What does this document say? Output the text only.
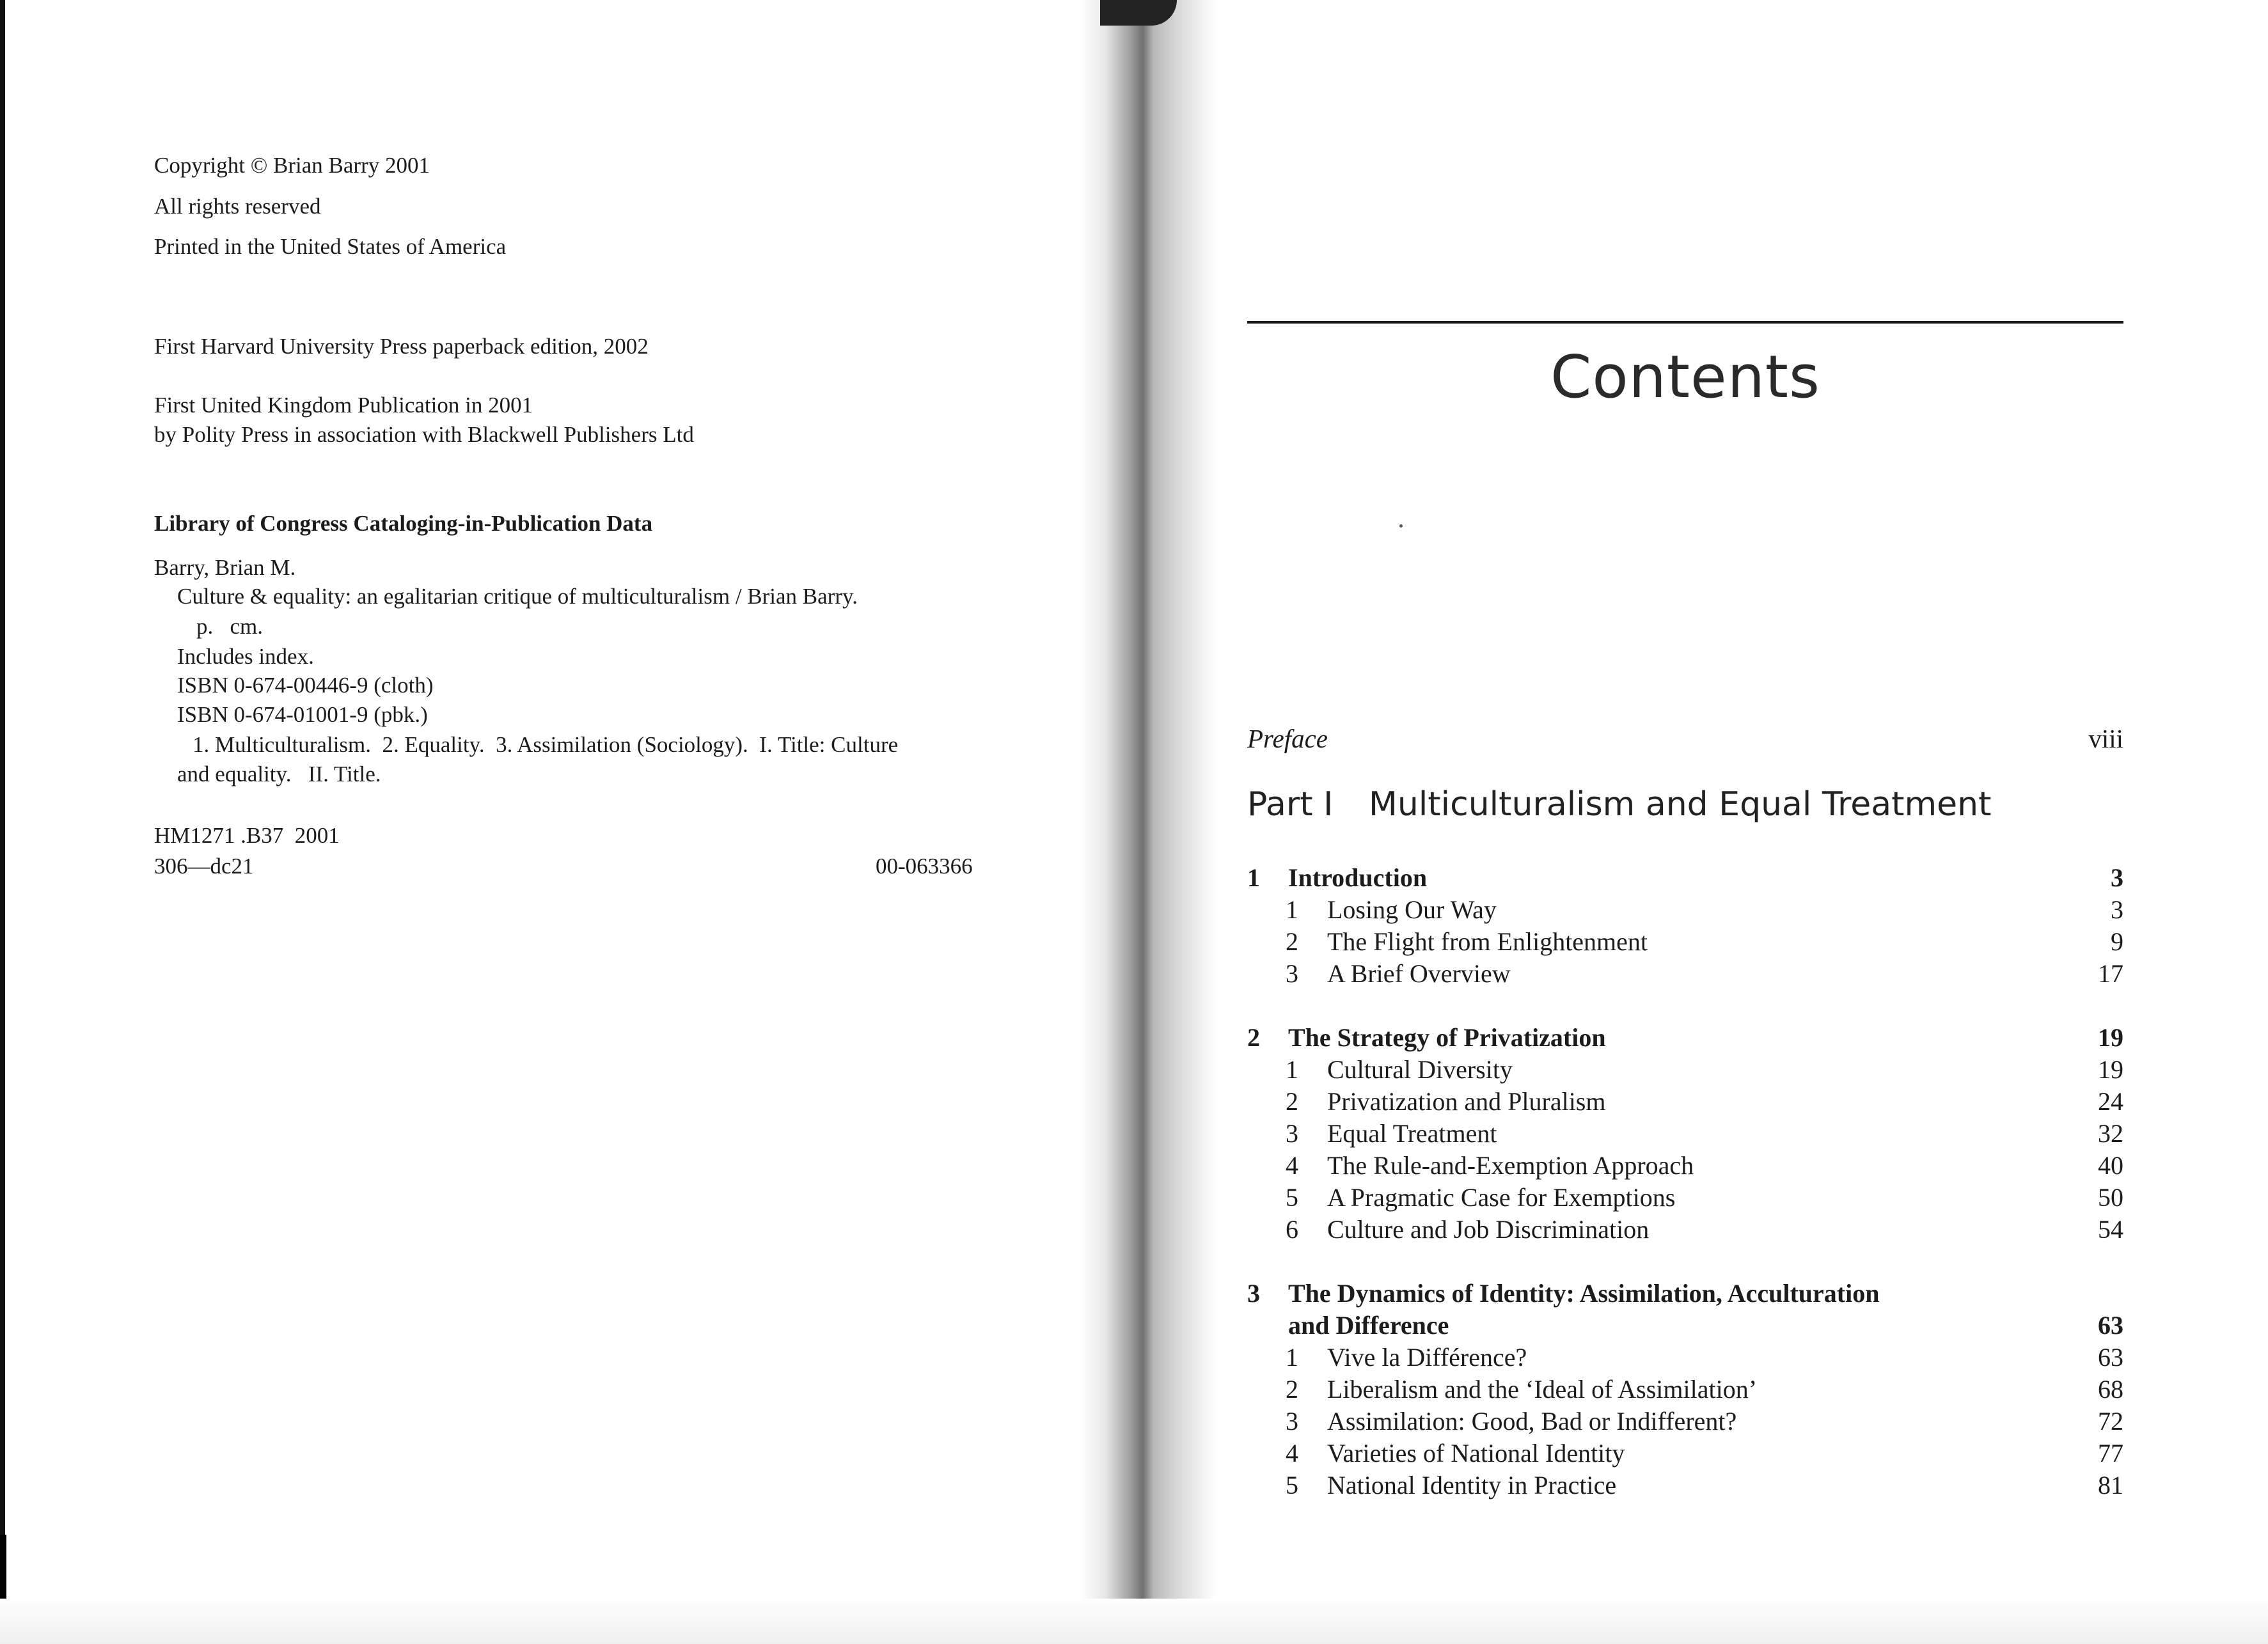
Copyright © Brian Barry 2001
All rights reserved
Printed in the United States of America
First Harvard University Press paperback edition, 2002
First United Kingdom Publication in 2001
by Polity Press in association with Blackwell Publishers Ltd
Library of Congress Cataloging-in-Publication Data
Barry, Brian M.
Culture & equality: an egalitarian critique of multiculturalism / Brian Barry.
p.   cm.
Includes index.
ISBN 0-674-00446-9 (cloth)
ISBN 0-674-01001-9 (pbk.)
1. Multiculturalism.  2. Equality.  3. Assimilation (Sociology).  I. Title: Culture
and equality.   II. Title.
HM1271 .B37  2001
306—dc21	00-063366
Contents
Preface	viii
Part I Multiculturalism and Equal Treatment
1 Introduction	3
1 Losing Our Way	3
2 The Flight from Enlightenment	9
3 A Brief Overview	17
2 The Strategy of Privatization	19
1 Cultural Diversity	19
2 Privatization and Pluralism	24
3 Equal Treatment	32
4 The Rule-and-Exemption Approach	40
5 A Pragmatic Case for Exemptions	50
6 Culture and Job Discrimination	54
3 The Dynamics of Identity: Assimilation, Acculturation
and Difference	63
1 Vive la Différence?	63
2 Liberalism and the ‘Ideal of Assimilation’	68
3 Assimilation: Good, Bad or Indifferent?	72
4 Varieties of National Identity	77
5 National Identity in Practice	81
